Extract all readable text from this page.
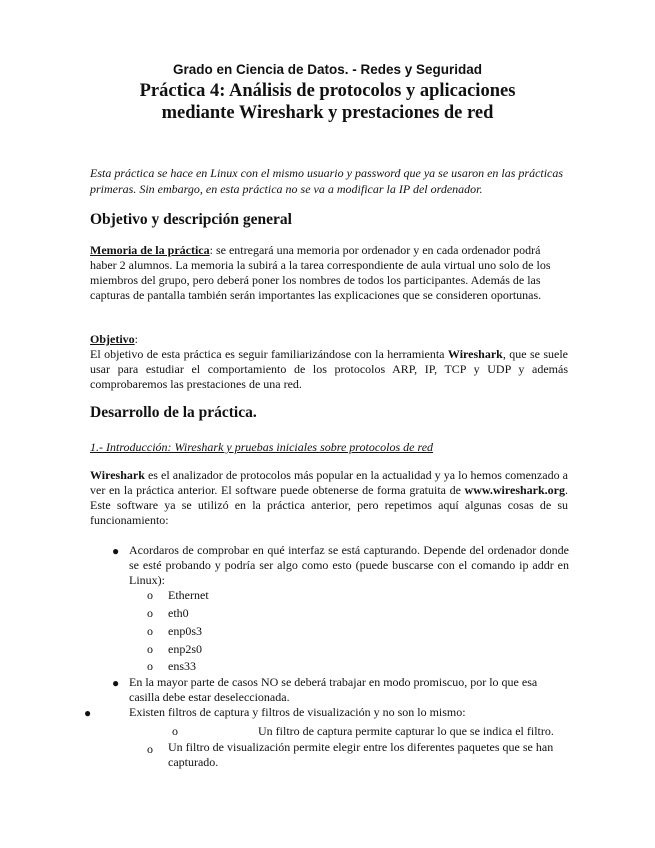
Grado en Ciencia de Datos. - Redes y Seguridad
Práctica 4: Análisis de protocolos y aplicaciones
mediante Wireshark y prestaciones de red
Esta práctica se hace en Linux con el mismo usuario y password que ya se usaron en las prácticas primeras. Sin embargo, en esta práctica no se va a modificar la IP del ordenador.
Objetivo y descripción general
Memoria de la práctica: se entregará una memoria por ordenador y en cada ordenador podrá haber 2 alumnos. La memoria la subirá a la tarea correspondiente de aula virtual uno solo de los miembros del grupo, pero deberá poner los nombres de todos los participantes. Además de las capturas de pantalla también serán importantes las explicaciones que se consideren oportunas.
Objetivo:
El objetivo de esta práctica es seguir familiarizándose con la herramienta Wireshark, que se suele usar para estudiar el comportamiento de los protocolos ARP, IP, TCP y UDP y además comprobaremos las prestaciones de una red.
Desarrollo de la práctica.
1.- Introducción: Wireshark y pruebas iniciales sobre protocolos de red
Wireshark es el analizador de protocolos más popular en la actualidad y ya lo hemos comenzado a ver en la práctica anterior. El software puede obtenerse de forma gratuita de www.wireshark.org. Este software ya se utilizó en la práctica anterior, pero repetimos aquí algunas cosas de su funcionamiento:
● Acordaros de comprobar en qué interfaz se está capturando. Depende del ordenador donde se esté probando y podría ser algo como esto (puede buscarse con el comando ip addr en Linux):
o Ethernet
o eth0
o enp0s3
o enp2s0
o ens33
● En la mayor parte de casos NO se deberá trabajar en modo promiscuo, por lo que esa casilla debe estar deseleccionada.
●	Existen filtros de captura y filtros de visualización y no son lo mismo:
o	Un filtro de captura permite capturar lo que se indica el filtro.
o Un filtro de visualización permite elegir entre los diferentes paquetes que se han capturado.
